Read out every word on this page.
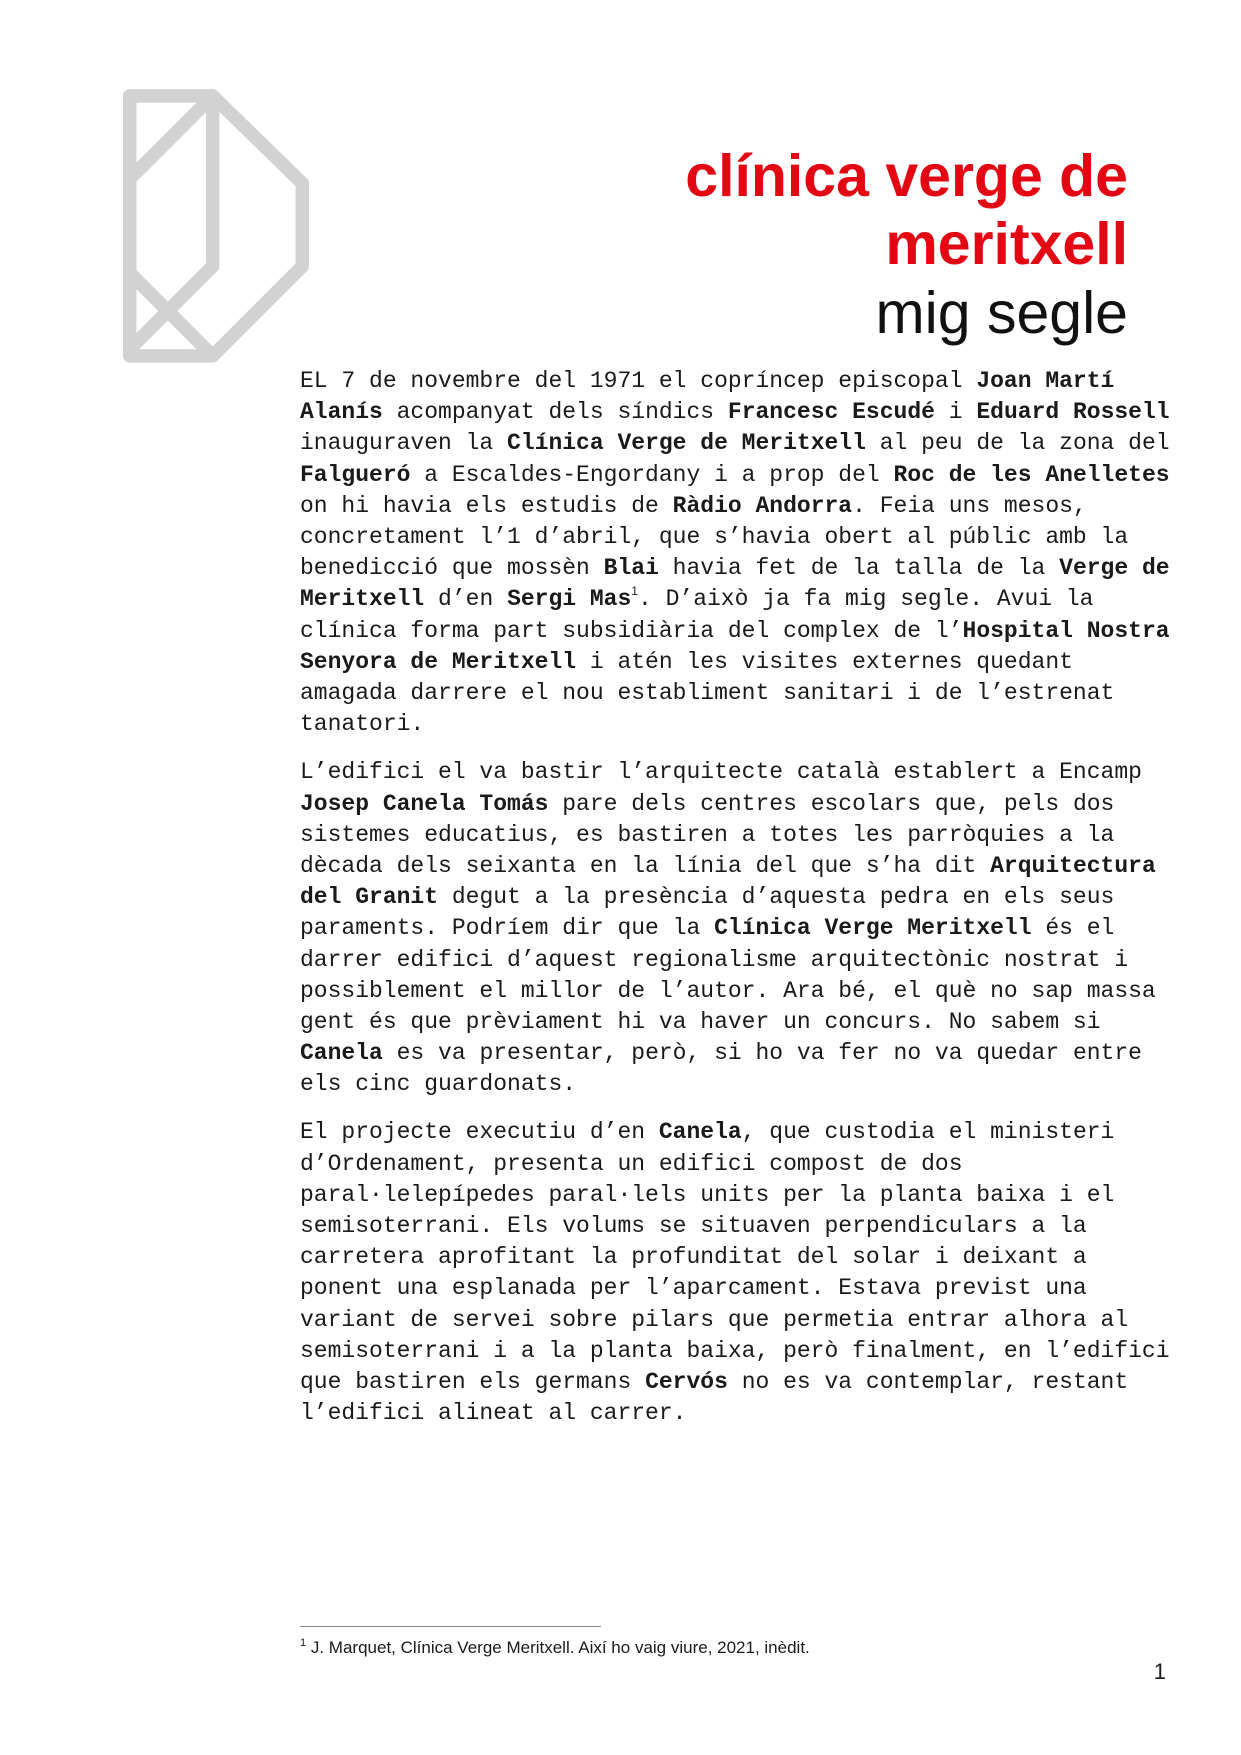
clínica verge de
meritxell
mig segle

EL 7 de novembre del 1971 el copríncep episcopal Joan Martí Alanís acompanyat dels síndics Francesc Escudé i Eduard Rossell inauguraven la Clínica Verge de Meritxell al peu de la zona del Falgueró a Escaldes-Engordany i a prop del Roc de les Anelletes on hi havia els estudis de Ràdio Andorra. Feia uns mesos, concretament l’1 d’abril, que s’havia obert al públic amb la benedicció que mossèn Blai havia fet de la talla de la Verge de Meritxell d’en Sergi Mas$^1$. D’això ja fa mig segle. Avui la clínica forma part subsidiària del complex de l’Hospital Nostra Senyora de Meritxell i atén les visites externes quedant amagada darrere el nou establiment sanitari i de l’estrenat tanatori.

L’edifici el va bastir l’arquitecte català establert a Encamp Josep Canela Tomás pare dels centres escolars que, pels dos sistemes educatius, es bastiren a totes les parròquies a la dècada dels seixanta en la línia del que s’ha dit Arquitectura del Granit degut a la presència d’aquesta pedra en els seus paraments. Podríem dir que la Clínica Verge Meritxell és el darrer edifici d’aquest regionalisme arquitectònic nostrat i possiblement el millor de l’autor. Ara bé, el què no sap massa gent és que prèviament hi va haver un concurs. No sabem si Canela es va presentar, però, si ho va fer no va quedar entre els cinc guardonats.

El projecte executiu d’en Canela, que custodia el ministeri d’Ordenament, presenta un edifici compost de dos paral·lelepípedes paral·lels units per la planta baixa i el semisoterrani. Els volums se situaven perpendiculars a la carretera aprofitant la profunditat del solar i deixant a ponent una esplanada per l’aparcament. Estava previst una variant de servei sobre pilars que permetia entrar alhora al semisoterrani i a la planta baixa, però finalment, en l’edifici que bastiren els germans Cervós no es va contemplar, restant l’edifici alineat al carrer.

$^1$ J. Marquet, Clínica Verge Meritxell. Així ho vaig viure, 2021, inèdit.
1
